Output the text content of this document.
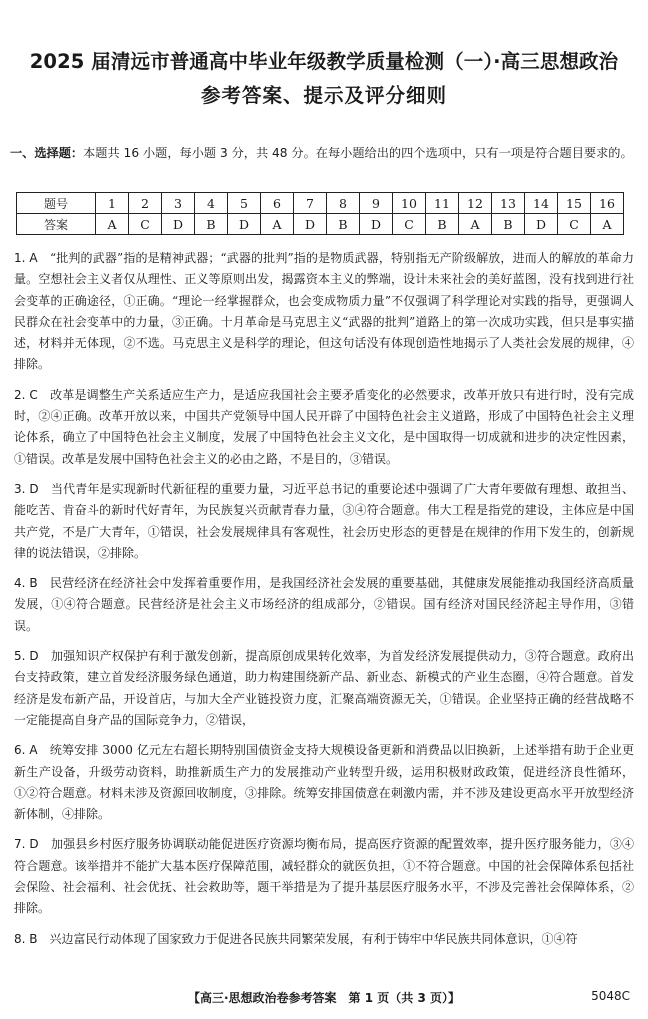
2025 届清远市普通高中毕业年级教学质量检测（一）·高三思想政治
参考答案、提示及评分细则
一、选择题：本题共 16 小题，每小题 3 分，共 48 分。在每小题给出的四个选项中，只有一项是符合题目要求的。
题号	1	2	3	4	5	6	7	8	9	10	11	12	13	14	15	16
答案	A	C	D	B	D	A	D	B	D	C	B	A	B	D	C	A
1. A　 “批判的武器”指的是精神武器；“武器的批判”指的是物质武器，特别指无产阶级解放，进而人的解放的革命力量。空想社会主义者仅从理性、正义等原则出发，揭露资本主义的弊端，设计未来社会的美好蓝图，没有找到进行社会变革的正确途径，①正确。“理论一经掌握群众，也会变成物质力量”不仅强调了科学理论对实践的指导，更强调人民群众在社会变革中的力量，③正确。十月革命是马克思主义“武器的批判”道路上的第一次成功实践，但只是事实描述，材料并无体现，②不选。马克思主义是科学的理论，但这句话没有体现创造性地揭示了人类社会发展的规律，④排除。
2. C　 改革是调整生产关系适应生产力，是适应我国社会主要矛盾变化的必然要求，改革开放只有进行时，没有完成时，②④正确。改革开放以来，中国共产党领导中国人民开辟了中国特色社会主义道路，形成了中国特色社会主义理论体系，确立了中国特色社会主义制度，发展了中国特色社会主义文化，是中国取得一切成就和进步的决定性因素，①错误。改革是发展中国特色社会主义的必由之路，不是目的，③错误。
3. D　 当代青年是实现新时代新征程的重要力量，习近平总书记的重要论述中强调了广大青年要做有理想、敢担当、能吃苦、肯奋斗的新时代好青年，为民族复兴贡献青春力量，③④符合题意。伟大工程是指党的建设，主体应是中国共产党，不是广大青年，①错误，社会发展规律具有客观性，社会历史形态的更替是在规律的作用下发生的，创新规律的说法错误，②排除。
4. B　 民营经济在经济社会中发挥着重要作用，是我国经济社会发展的重要基础，其健康发展能推动我国经济高质量发展，①④符合题意。民营经济是社会主义市场经济的组成部分，②错误。国有经济对国民经济起主导作用，③错误。
5. D　 加强知识产权保护有利于激发创新，提高原创成果转化效率，为首发经济发展提供动力，③符合题意。政府出台支持政策，建立首发经济服务绿色通道，助力构建围绕新产品、新业态、新模式的产业生态圈，④符合题意。首发经济是发布新产品，开设首店，与加大全产业链投资力度，汇聚高端资源无关，①错误。企业坚持正确的经营战略不一定能提高自身产品的国际竞争力，②错误，
6. A　 统筹安排 3000 亿元左右超长期特别国债资金支持大规模设备更新和消费品以旧换新，上述举措有助于企业更新生产设备，升级劳动资料，助推新质生产力的发展推动产业转型升级，运用积极财政政策，促进经济良性循环，①②符合题意。材料未涉及资源回收制度，③排除。统筹安排国债意在刺激内需，并不涉及建设更高水平开放型经济新体制，④排除。
7. D　 加强县乡村医疗服务协调联动能促进医疗资源均衡布局，提高医疗资源的配置效率，提升医疗服务能力，③④符合题意。该举措并不能扩大基本医疗保障范围，减轻群众的就医负担，①不符合题意。中国的社会保障体系包括社会保险、社会福利、社会优抚、社会救助等，题干举措是为了提升基层医疗服务水平，不涉及完善社会保障体系，②排除。
8. B　 兴边富民行动体现了国家致力于促进各民族共同繁荣发展，有利于铸牢中华民族共同体意识，①④符
【高三·思想政治卷参考答案　第 1 页（共 3 页）】	5048C
